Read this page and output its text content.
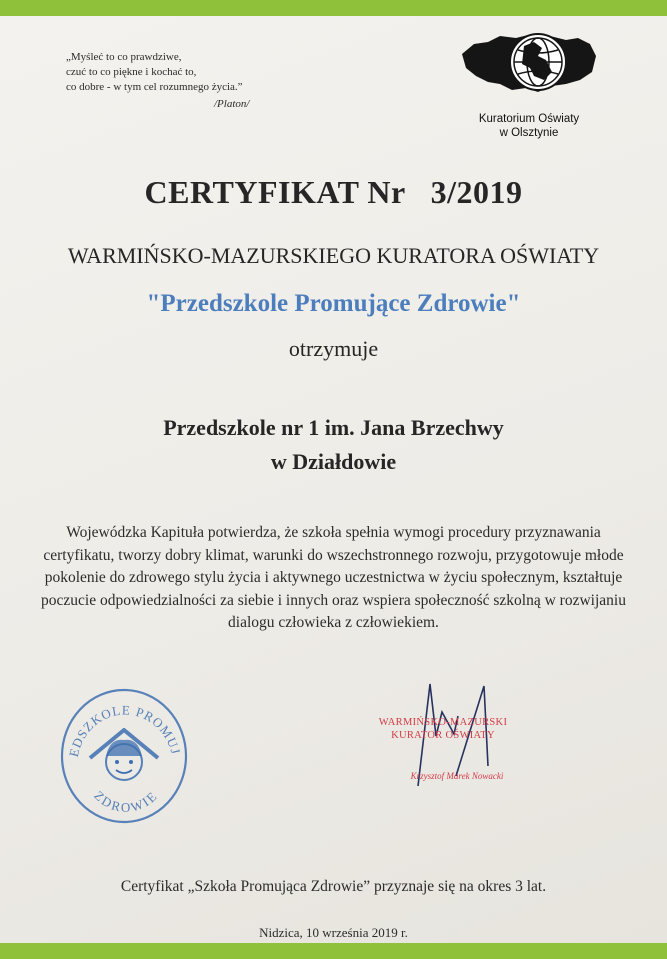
„Myśleć to co prawdziwe,
czuć to co piękne i kochać to,
co dobre - w tym cel rozumnego życia.”
/Platon/
Kuratorium Oświaty
w Olsztynie
CERTYFIKAT Nr   3/2019
WARMIŃSKO-MAZURSKIEGO KURATORA OŚWIATY
"Przedszkole Promujące Zdrowie"
otrzymuje
Przedszkole nr 1 im. Jana Brzechwy
w Działdowie
Wojewódzka Kapituła potwierdza, że szkoła spełnia wymogi procedury przyznawania
certyfikatu, tworzy dobry klimat, warunki do wszechstronnego rozwoju, przygotowuje młode
pokolenie do zdrowego stylu życia i aktywnego uczestnictwa w życiu społecznym, kształtuje
poczucie odpowiedzialności za siebie i innych oraz wspiera społeczność szkolną w rozwijaniu
dialogu człowieka z człowiekiem.
EDSZKOLE PROMUJ
ZDROWIE
WARMIŃSKO-MAZURSKI
KURATOR OŚWIATY
Krzysztof Marek Nowacki
Certyfikat „Szkoła Promująca Zdrowie” przyznaje się na okres 3 lat.
Nidzica, 10 września 2019 r.
